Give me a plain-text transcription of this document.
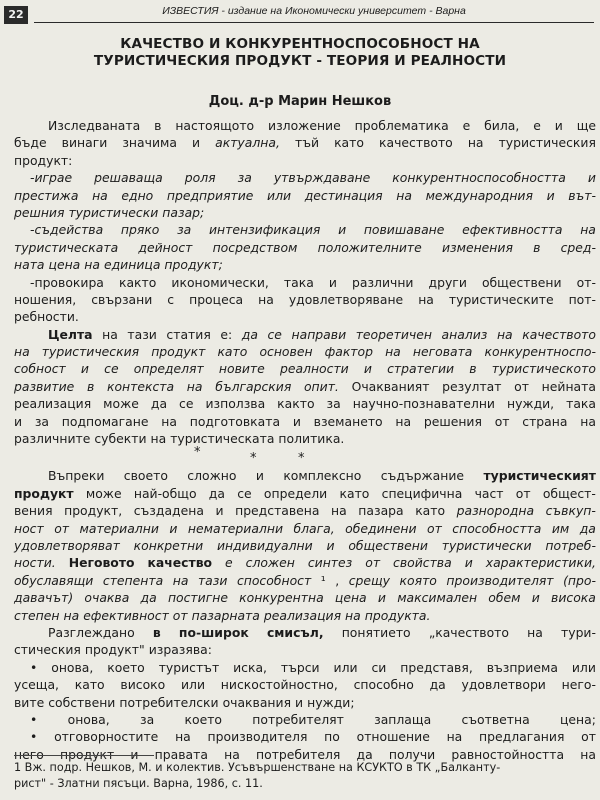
22	ИЗВЕСТИЯ - издание на Икономически университет - Варна
КАЧЕСТВО И КОНКУРЕНТНОСПОСОБНОСТ НА
ТУРИСТИЧЕСКИЯ ПРОДУКТ - ТЕОРИЯ И РЕАЛНОСТИ
Доц. д-р Марин Нешков
Изследваната в настоящото изложение проблематика е била, е и ще
бъде винаги значима и актуална, тъй като качеството на туристическия
продукт:
-играе решаваща роля за утвърждаване конкурентноспособността и
престижа на едно предприятие или дестинация на международния и вът-
решния туристически пазар;
-съдейства пряко за интензификация и повишаване ефективността на
туристическата дейност посредством положителните изменения в сред-
ната цена на единица продукт;
-провокира както икономически, така и различни други обществени от-
ношения, свързани с процеса на удовлетворяване на туристическите пот-
ребности.
Целта на тази статия е: да се направи теоретичен анализ на качеството
на туристическия продукт като основен фактор на неговата конкурентноспо-
собност и се определят новите реалности и стратегии в туристическото
развитие в контекста на българския опит. Очакваният резултат от нейната
реализация може да се използва както за научно-познавателни нужди, така
и за подпомагане на подготовката и вземането на решения от страна на
различните субекти на туристическата политика.
*	*	*
Въпреки своето сложно и комплексно съдържание туристическият
продукт може най-общо да се определи като специфична част от общест-
вения продукт, създадена и представена на пазара като разнородна съвкуп-
ност от материални и нематериални блага, обединени от способността им да
удовлетворяват конкретни индивидуални и обществени туристически потреб-
ности. Неговото качество е сложен синтез от свойства и характеристики,
обуславящи степента на тази способност ¹ , срещу която производителят (про-
давачът) очаква да постигне конкурентна цена и максимален обем и висока
степен на ефективност от пазарната реализация на продукта.
Разглеждано в по-широк смисъл, понятието „качеството на тури-
стическия продукт" изразява:
• онова, което туристът иска, търси или си представя, възприема или
усеща, като високо или нискостойностно, способно да удовлетвори него-
вите собствени потребителски очаквания и нужди;
• онова, за което потребителят заплаща съответна цена;
• отговорностите на производителя по отношение на предлагания от
него продукт и правата на потребителя да получи равностойността на
1 Вж. подр. Нешков, М. и колектив. Усъвършенстване на КСУКТО в ТК „Балканту-
рист" - Златни пясъци. Варна, 1986, с. 11.
